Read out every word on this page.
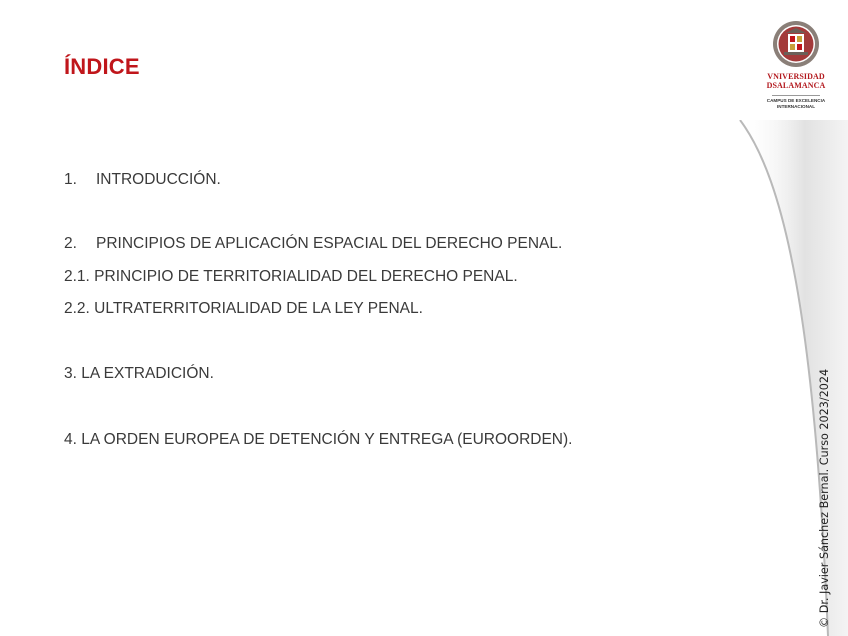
ÍNDICE	VNIVERSIDAD
DSALAMANCA
CAMPUS DE EXCELENCIA
INTERNACIONAL
1. INTRODUCCIÓN.
2. PRINCIPIOS DE APLICACIÓN ESPACIAL DEL DERECHO PENAL.
2.1. PRINCIPIO DE TERRITORIALIDAD DEL DERECHO PENAL.
2.2. ULTRATERRITORIALIDAD DE LA LEY PENAL.
3. LA EXTRADICIÓN.
4. LA ORDEN EUROPEA DE DETENCIÓN Y ENTREGA (EUROORDEN).	© Dr. Javier Sánchez Bernal. Curso 2023/2024
